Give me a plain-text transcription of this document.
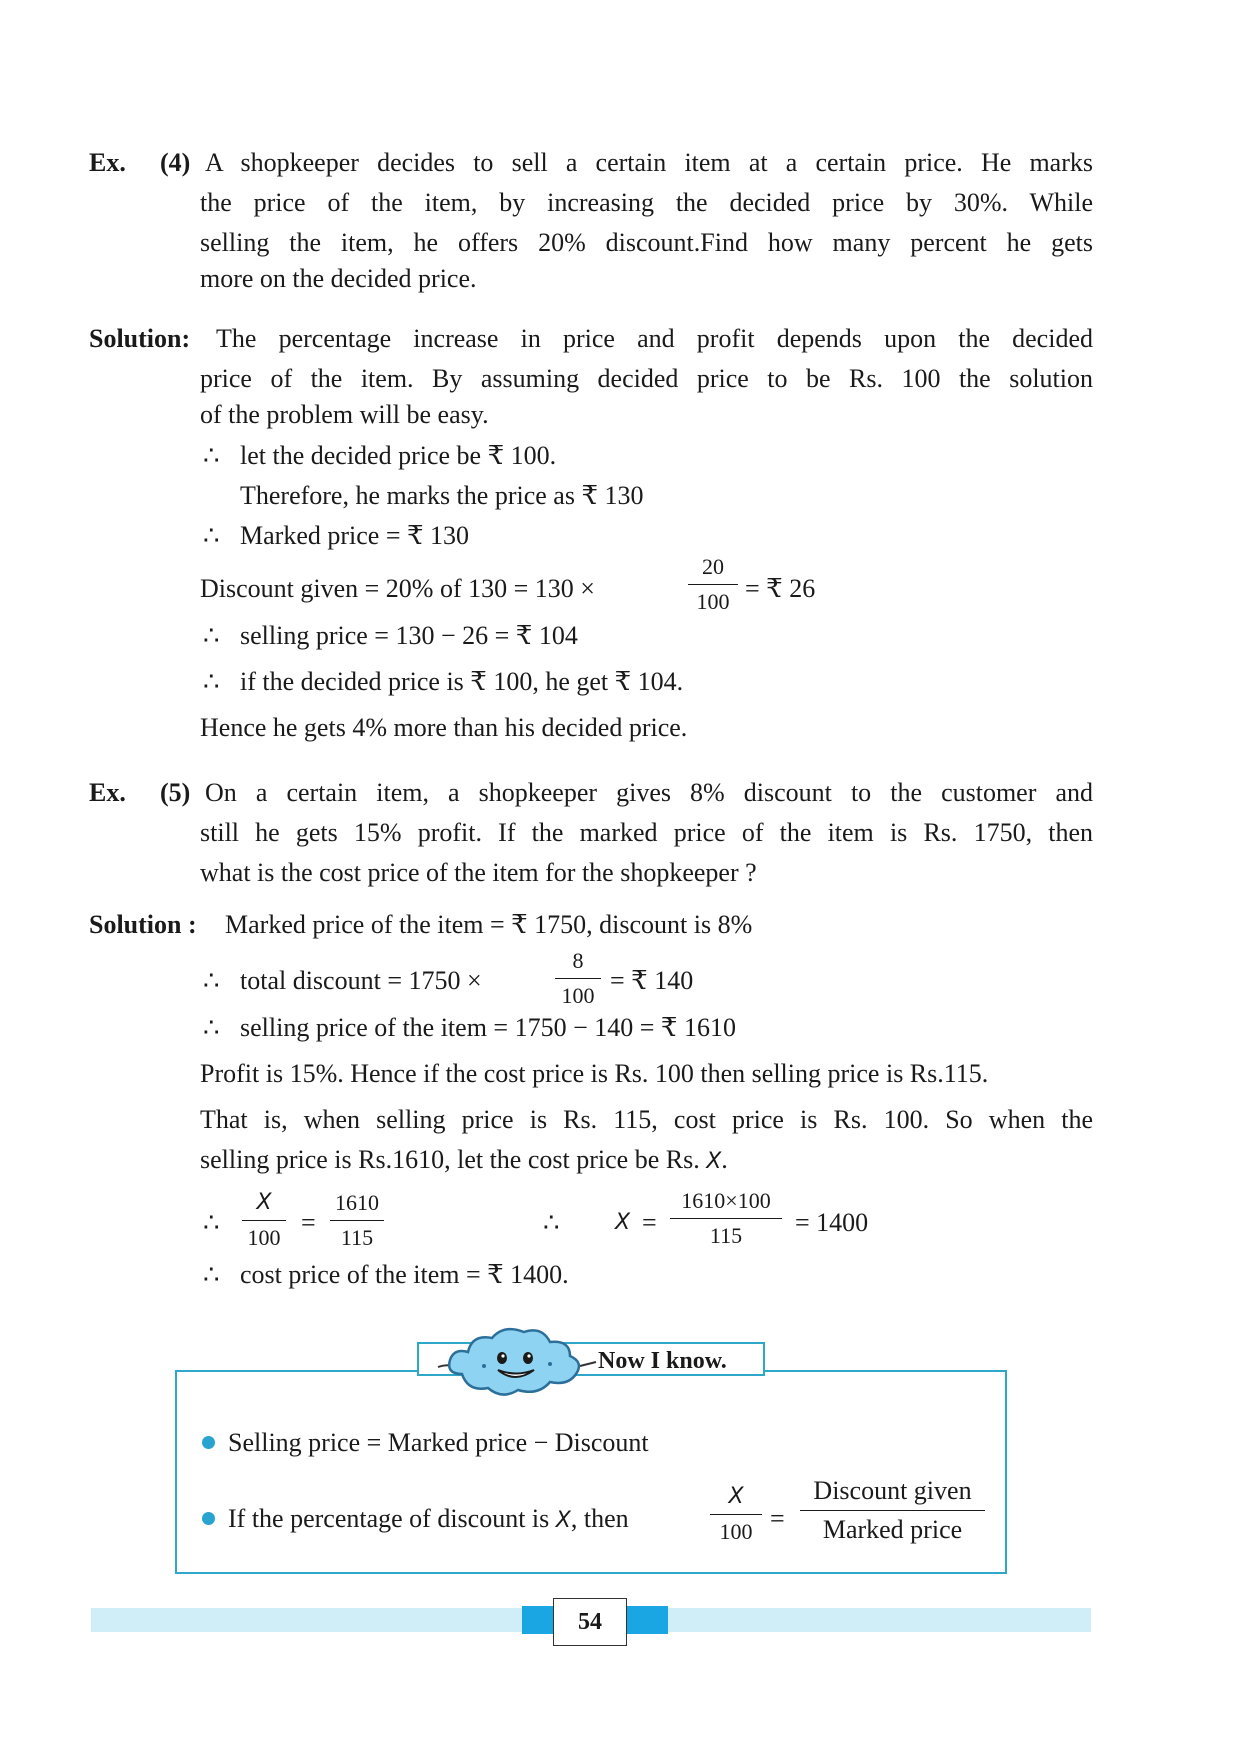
Ex. (4) A shopkeeper decides to sell a certain item at a certain price. He marks
the price of the item, by increasing the decided price by 30%. While
selling the item, he offers 20% discount.Find how many percent he gets
more on the decided price.
Solution: The percentage increase in price and profit depends upon the decided
price of the item. By assuming decided price to be Rs. 100 the solution
of the problem will be easy.
∴ let the decided price be ₹ 100.
Therefore, he marks the price as ₹ 130
∴ Marked price = ₹ 130
Discount given = 20% of 130 = 130 ×	$\frac{20}{100}$ = ₹ 26
∴ selling price = 130 − 26 = ₹ 104
∴ if the decided price is ₹ 100, he get ₹ 104.
Hence he gets 4% more than his decided price.
Ex. (5) On a certain item, a shopkeeper gives 8% discount to the customer and
still he gets 15% profit. If the marked price of the item is Rs. 1750, then
what is the cost price of the item for the shopkeeper ?
Solution : Marked price of the item = ₹ 1750, discount is 8%
∴ total discount = 1750 ×	$\frac{8}{100}$ = ₹ 140
∴ selling price of the item = 1750 − 140 = ₹ 1610
Profit is 15%. Hence if the cost price is Rs. 100 then selling price is Rs.115.
That is, when selling price is Rs. 115, cost price is Rs. 100. So when the
selling price is Rs.1610, let the cost price be Rs. X.
∴ $\frac{X}{100} = \frac{1610}{115}$	∴	$X = \frac{1610\times 100}{115} = 1400$
∴ cost price of the item = ₹ 1400.
Now I know.
Selling price = Marked price − Discount
If the percentage of discount is X, then	$\frac{X}{100}$ =
Discount given
Marked price
54
